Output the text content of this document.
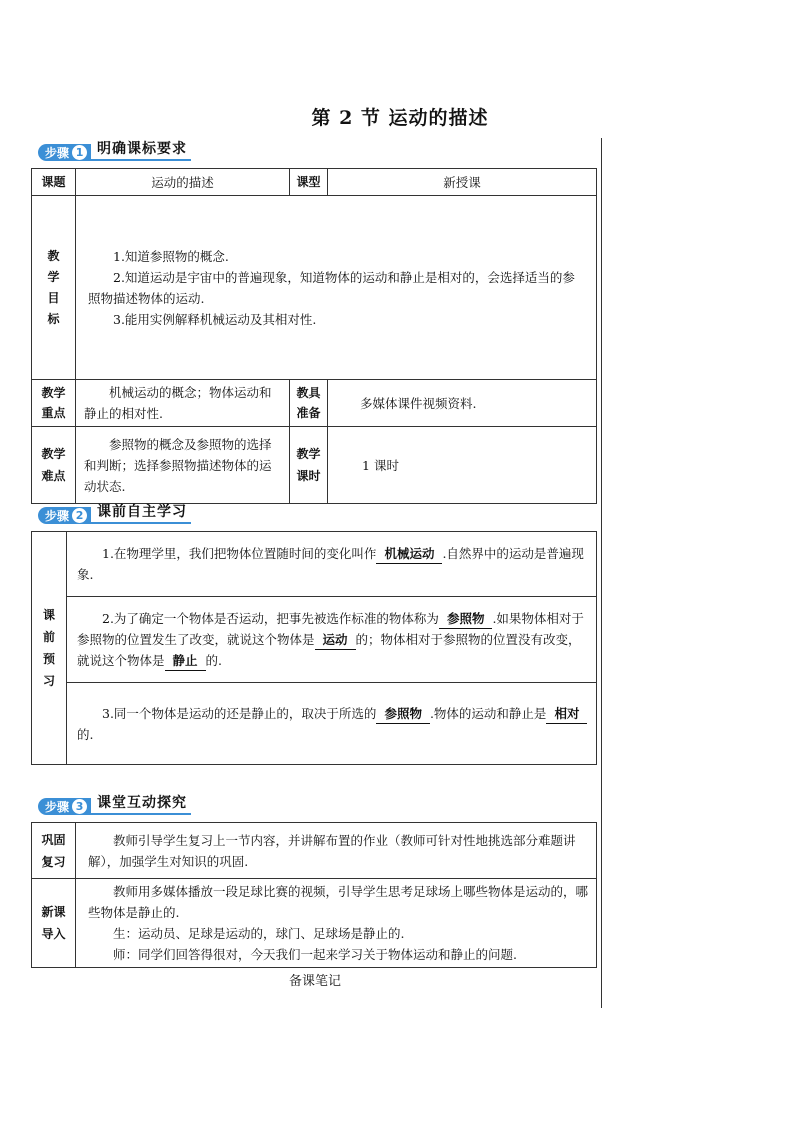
第 2 节 运动的描述
步骤 1 明确课标要求
课题	运动的描述	课型	新授课

教学目标	1.知道参照物的概念.
2.知道运动是宇宙中的普遍现象，知道物体的运动和静止是相对的，会选择适当的参照物描述物体的运动.
3.能用实例解释机械运动及其相对性.		

教学重点	机械运动的概念；物体运动和静止的相对性.	教具准备	多媒体课件视频资料.

教学难点	参照物的概念及参照物的选择和判断；选择参照物描述物体的运动状态.	教学课时	1 课时
步骤 2 课前自主学习
课前预习
	1.在物理学里，我们把物体位置随时间的变化叫作 机械运动 .自然界中的运动是普遍现象.
2.为了确定一个物体是否运动，把事先被选作标准的物体称为 参照物 .如果物体相对于参照物的位置发生了改变，就说这个物体是 运动 的；物体相对于参照物的位置没有改变，就说这个物体是 静止 的.
3.同一个物体是运动的还是静止的，取决于所选的 参照物 .物体的运动和静止是 相对的.
步骤 3 课堂互动探究
巩固复习	教师引导学生复习上一节内容，并讲解布置的作业（教师可针对性地挑选部分难题讲解），加强学生对知识的巩固.

新课导入	教师用多媒体播放一段足球比赛的视频，引导学生思考足球场上哪些物体是运动的，哪些物体是静止的.
生：运动员、足球是运动的，球门、足球场是静止的.
师：同学们回答得很对，今天我们一起来学习关于物体运动和静止的问题.
备课笔记
